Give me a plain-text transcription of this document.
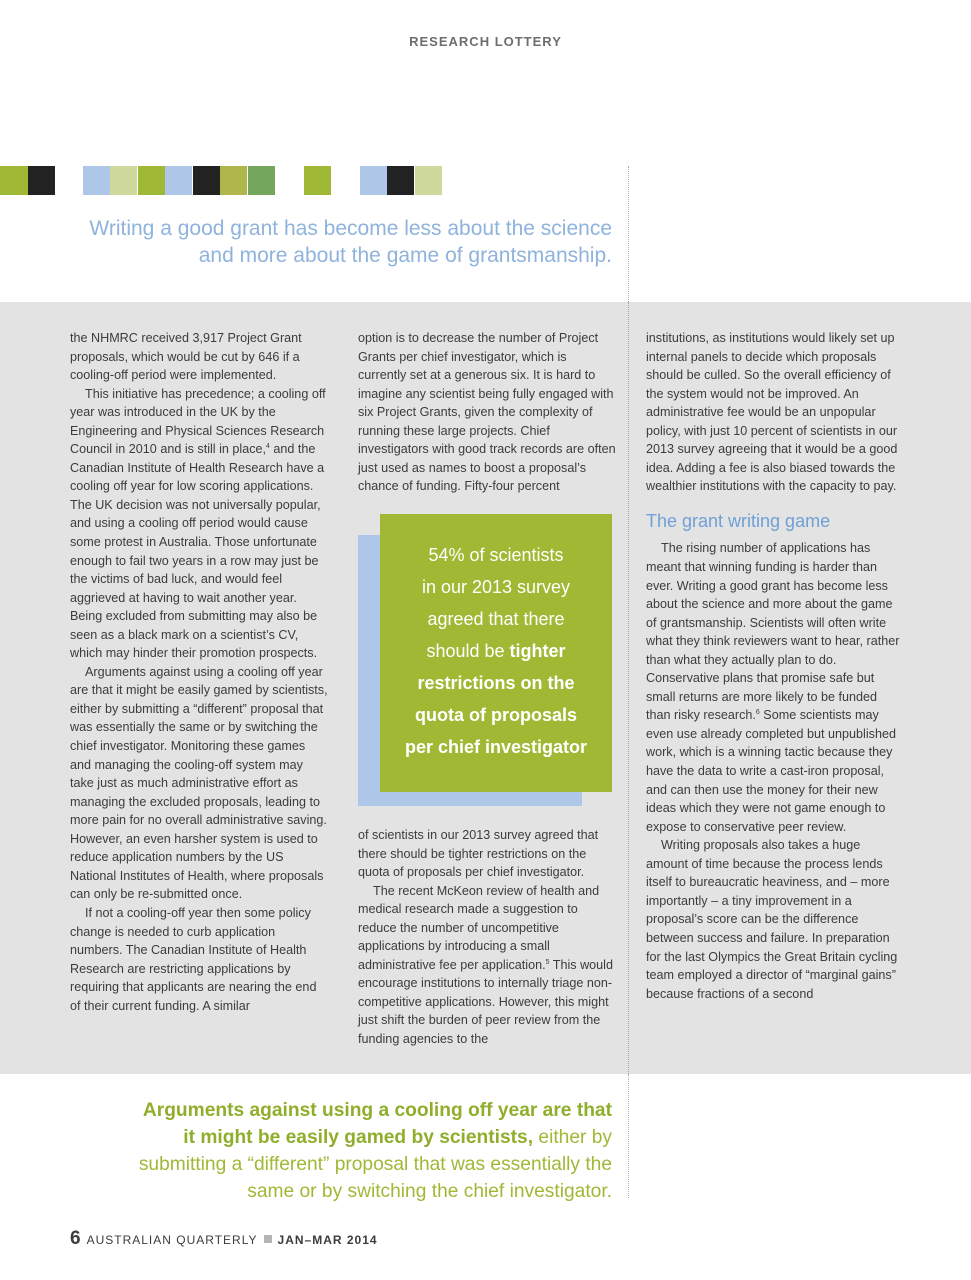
RESEARCH LOTTERY
Writing a good grant has become less about the science
and more about the game of grantsmanship.

the NHMRC received 3,917 Project Grant proposals, which would be cut by 646 if a cooling-off period were implemented.

This initiative has precedence; a cooling off year was introduced in the UK by the Engineering and Physical Sciences Research Council in 2010 and is still in place,$^4$ and the Canadian Institute of Health Research have a cooling off year for low scoring applications. The UK decision was not universally popular, and using a cooling off period would cause some protest in Australia. Those unfortunate enough to fail two years in a row may just be the victims of bad luck, and would feel aggrieved at having to wait another year. Being excluded from submitting may also be seen as a black mark on a scientist’s CV, which may hinder their promotion prospects.

Arguments against using a cooling off year are that it might be easily gamed by scientists, either by submitting a “different” proposal that was essentially the same or by switching the chief investigator. Monitoring these games and managing the cooling-off system may take just as much administrative effort as managing the excluded proposals, leading to more pain for no overall administrative saving. However, an even harsher system is used to reduce application numbers by the US National Institutes of Health, where proposals can only be re-submitted once.

If not a cooling-off year then some policy change is needed to curb application numbers. The Canadian Institute of Health Research are restricting applications by requiring that applicants are nearing the end of their current funding. A similar

option is to decrease the number of Project Grants per chief investigator, which is currently set at a generous six. It is hard to imagine any scientist being fully engaged with six Project Grants, given the complexity of running these large projects. Chief investigators with good track records are often just used as names to boost a proposal’s chance of funding. Fifty-four percent

54% of scientists
in our 2013 survey
agreed that there
should be tighter
restrictions on the
quota of proposals
per chief investigator

of scientists in our 2013 survey agreed that there should be tighter restrictions on the quota of proposals per chief investigator.

The recent McKeon review of health and medical research made a suggestion to reduce the number of uncompetitive applications by introducing a small administrative fee per application.$^5$ This would encourage institutions to internally triage non-competitive applications. However, this might just shift the burden of peer review from the funding agencies to the

institutions, as institutions would likely set up internal panels to decide which proposals should be culled. So the overall efficiency of the system would not be improved. An administrative fee would be an unpopular policy, with just 10 percent of scientists in our 2013 survey agreeing that it would be a good idea. Adding a fee is also biased towards the wealthier institutions with the capacity to pay.

The grant writing game

The rising number of applications has meant that winning funding is harder than ever. Writing a good grant has become less about the science and more about the game of grantsmanship. Scientists will often write what they think reviewers want to hear, rather than what they actually plan to do. Conservative plans that promise safe but small returns are more likely to be funded than risky research.$^6$ Some scientists may even use already completed but unpublished work, which is a winning tactic because they have the data to write a cast-iron proposal, and can then use the money for their new ideas which they were not game enough to expose to conservative peer review.

Writing proposals also takes a huge amount of time because the process lends itself to bureaucratic heaviness, and – more importantly – a tiny improvement in a proposal’s score can be the difference between success and failure. In preparation for the last Olympics the Great Britain cycling team employed a director of “marginal gains” because fractions of a second

Arguments against using a cooling off year are that
it might be easily gamed by scientists, either by
submitting a “different” proposal that was essentially the
same or by switching the chief investigator.
6 AUSTRALIAN QUARTERLY JAN–MAR 2014
